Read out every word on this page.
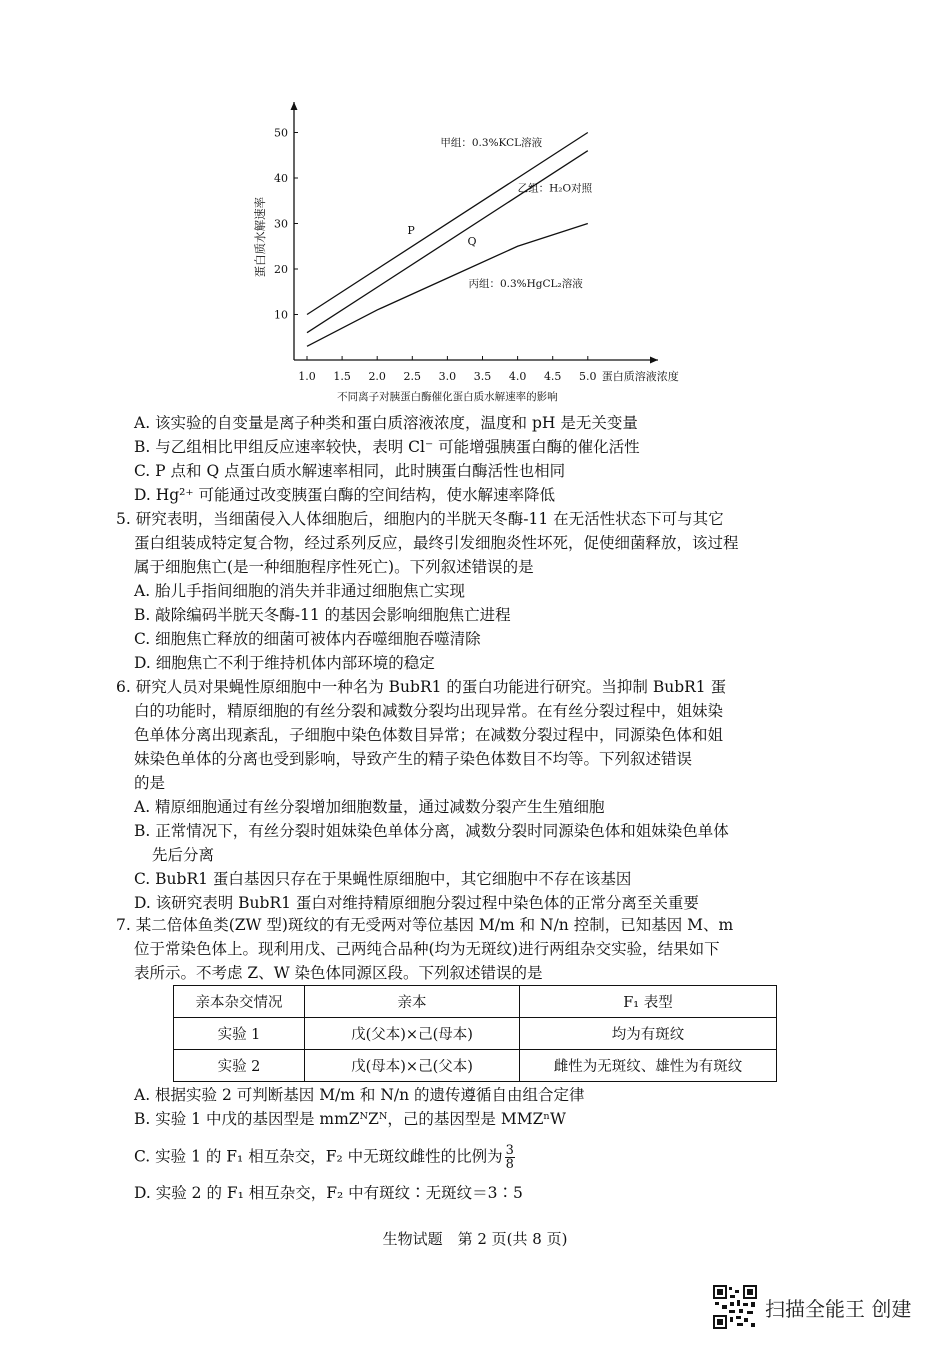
1.0 1.5 2.0 2.5 3.0 3.5 4.0 4.5 5.0
10
20
30
40
50
蛋白质溶液浓度
蛋白质水解速率
不同离子对胰蛋白酶催化蛋白质水解速率的影响
甲组：0.3%KCL溶液
乙组：H₂O对照
丙组：0.3%HgCL₂溶液
P
Q
A. 该实验的自变量是离子种类和蛋白质溶液浓度，温度和 pH 是无关变量
B. 与乙组相比甲组反应速率较快，表明 Cl⁻ 可能增强胰蛋白酶的催化活性
C. P 点和 Q 点蛋白质水解速率相同，此时胰蛋白酶活性也相同
D. Hg²⁺ 可能通过改变胰蛋白酶的空间结构，使水解速率降低
5. 研究表明，当细菌侵入人体细胞后，细胞内的半胱天冬酶-11 在无活性状态下可与其它
蛋白组装成特定复合物，经过系列反应，最终引发细胞炎性坏死，促使细菌释放，该过程
属于细胞焦亡(是一种细胞程序性死亡)。下列叙述错误的是
A. 胎儿手指间细胞的消失并非通过细胞焦亡实现
B. 敲除编码半胱天冬酶-11 的基因会影响细胞焦亡进程
C. 细胞焦亡释放的细菌可被体内吞噬细胞吞噬清除
D. 细胞焦亡不利于维持机体内部环境的稳定
6. 研究人员对果蝇性原细胞中一种名为 BubR1 的蛋白功能进行研究。当抑制 BubR1 蛋
白的功能时，精原细胞的有丝分裂和减数分裂均出现异常。在有丝分裂过程中，姐妹染
色单体分离出现紊乱，子细胞中染色体数目异常；在减数分裂过程中，同源染色体和姐
妹染色单体的分离也受到影响，导致产生的精子染色体数目不均等。下列叙述错误
的是
A. 精原细胞通过有丝分裂增加细胞数量，通过减数分裂产生生殖细胞
B. 正常情况下，有丝分裂时姐妹染色单体分离，减数分裂时同源染色体和姐妹染色单体
先后分离
C. BubR1 蛋白基因只存在于果蝇性原细胞中，其它细胞中不存在该基因
D. 该研究表明 BubR1 蛋白对维持精原细胞分裂过程中染色体的正常分离至关重要
7. 某二倍体鱼类(ZW 型)斑纹的有无受两对等位基因 M/m 和 N/n 控制，已知基因 M、m
位于常染色体上。现利用戊、己两纯合品种(均为无斑纹)进行两组杂交实验，结果如下
表所示。不考虑 Z、W 染色体同源区段。下列叙述错误的是
亲本杂交情况	亲本	F₁ 表型
实验 1	戊(父本)×己(母本)	均为有斑纹
实验 2	戊(母本)×己(父本)	雌性为无斑纹、雄性为有斑纹
A. 根据实验 2 可判断基因 M/m 和 N/n 的遗传遵循自由组合定律
B. 实验 1 中戊的基因型是 mmZᴺZᴺ，己的基因型是 MMZⁿW
C. 实验 1 的 F₁ 相互杂交，F₂ 中无斑纹雌性的比例为 $\frac{3}{8}$
D. 实验 2 的 F₁ 相互杂交，F₂ 中有斑纹∶无斑纹＝3∶5
生物试题　第 2 页(共 8 页)
扫描全能王 创建
